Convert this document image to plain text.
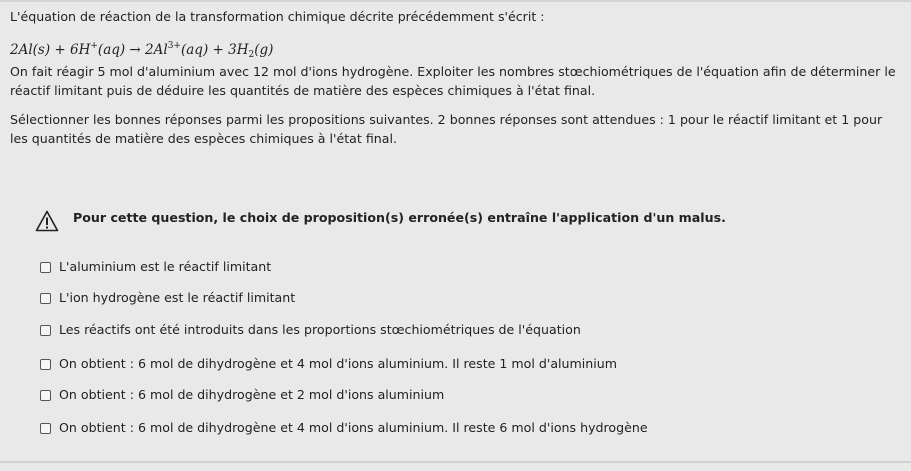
L'équation de réaction de la transformation chimique décrite précédemment s'écrit :

$2Al(s) + 6H^+(aq) \to 2Al^{3+}(aq) + 3H_2(g)$

On fait réagir 5 mol d'aluminium avec 12 mol d'ions hydrogène. Exploiter les nombres stœchiométriques de l'équation afin de déterminer le réactif limitant puis de déduire les quantités de matière des espèces chimiques à l'état final.

Sélectionner les bonnes réponses parmi les propositions suivantes. 2 bonnes réponses sont attendues : 1 pour le réactif limitant et 1 pour les quantités de matière des espèces chimiques à l'état final.

Pour cette question, le choix de proposition(s) erronée(s) entraîne l'application d'un malus.
L'aluminium est le réactif limitant
L'ion hydrogène est le réactif limitant
Les réactifs ont été introduits dans les proportions stœchiométriques de l'équation
On obtient : 6 mol de dihydrogène et 4 mol d'ions aluminium. Il reste 1 mol d'aluminium
On obtient : 6 mol de dihydrogène et 2 mol d'ions aluminium
On obtient : 6 mol de dihydrogène et 4 mol d'ions aluminium. Il reste 6 mol d'ions hydrogène
